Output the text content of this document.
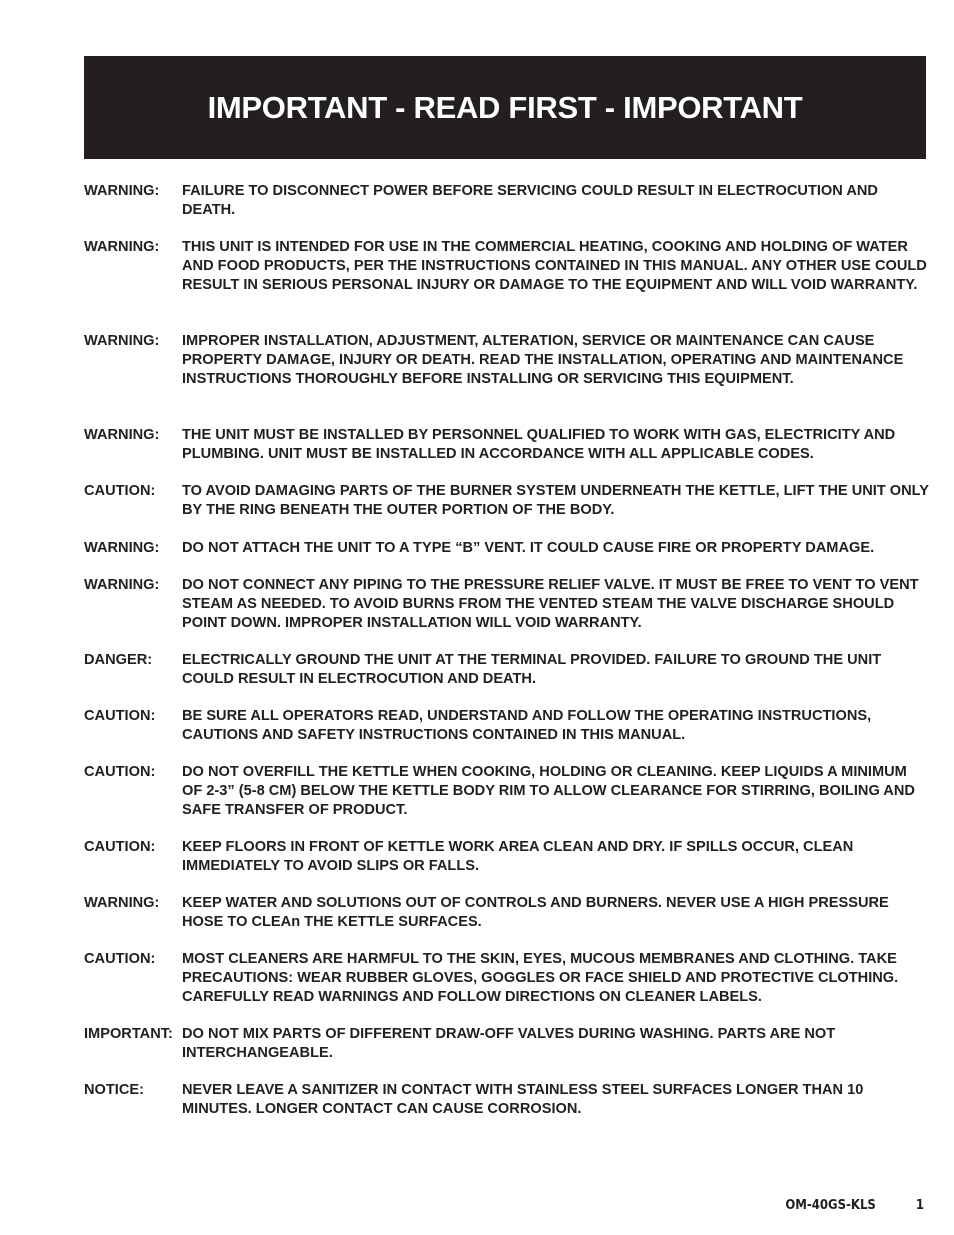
IMPORTANT - READ FIRST - IMPORTANT
WARNING:	FAILURE TO DISCONNECT POWER BEFORE SERVICING COULD RESULT IN ELECTROCUTION AND DEATH.
WARNING:	THIS UNIT IS INTENDED FOR USE IN THE COMMERCIAL HEATING, COOKING AND HOLDING OF WATER AND FOOD PRODUCTS, PER THE INSTRUCTIONS CONTAINED IN THIS MANUAL. ANY OTHER USE COULD RESULT IN SERIOUS PERSONAL INJURY OR DAMAGE TO THE EQUIPMENT AND WILL VOID WARRANTY.
WARNING:	IMPROPER INSTALLATION, ADJUSTMENT, ALTERATION, SERVICE OR MAINTENANCE CAN CAUSE PROPERTY DAMAGE, INJURY OR DEATH. READ THE INSTALLATION, OPERATING AND MAINTENANCE INSTRUCTIONS THOROUGHLY BEFORE INSTALLING OR SERVICING THIS EQUIPMENT.
WARNING:	THE UNIT MUST BE INSTALLED BY PERSONNEL QUALIFIED TO WORK WITH GAS, ELECTRICITY AND PLUMBING. UNIT MUST BE INSTALLED IN ACCORDANCE WITH ALL APPLICABLE CODES.
CAUTION:	TO AVOID DAMAGING PARTS OF THE BURNER SYSTEM UNDERNEATH THE KETTLE, LIFT THE UNIT ONLY BY THE RING BENEATH THE OUTER PORTION OF THE BODY.
WARNING:	DO NOT ATTACH THE UNIT TO A TYPE “B” VENT. IT COULD CAUSE FIRE OR PROPERTY DAMAGE.
WARNING:	DO NOT CONNECT ANY PIPING TO THE PRESSURE RELIEF VALVE. IT MUST BE FREE TO VENT TO VENT STEAM AS NEEDED. TO AVOID BURNS FROM THE VENTED STEAM THE VALVE DISCHARGE SHOULD POINT DOWN. IMPROPER INSTALLATION WILL VOID WARRANTY.
DANGER:	ELECTRICALLY GROUND THE UNIT AT THE TERMINAL PROVIDED. FAILURE TO GROUND THE UNIT COULD RESULT IN ELECTROCUTION AND DEATH.
CAUTION:	BE SURE ALL OPERATORS READ, UNDERSTAND AND FOLLOW THE OPERATING INSTRUCTIONS, CAUTIONS AND SAFETY INSTRUCTIONS CONTAINED IN THIS MANUAL.
CAUTION:	DO NOT OVERFILL THE KETTLE WHEN COOKING, HOLDING OR CLEANING. KEEP LIQUIDS A MINIMUM OF 2-3” (5-8 CM) BELOW THE KETTLE BODY RIM TO ALLOW CLEARANCE FOR STIRRING, BOILING AND SAFE TRANSFER OF PRODUCT.
CAUTION:	KEEP FLOORS IN FRONT OF KETTLE WORK AREA CLEAN AND DRY. IF SPILLS OCCUR, CLEAN IMMEDIATELY TO AVOID SLIPS OR FALLS.
WARNING:	KEEP WATER AND SOLUTIONS OUT OF CONTROLS AND BURNERS. NEVER USE A HIGH PRESSURE HOSE TO CLEAn THE KETTLE SURFACES.
CAUTION:	MOST CLEANERS ARE HARMFUL TO THE SKIN, EYES, MUCOUS MEMBRANES AND CLOTHING. TAKE PRECAUTIONS: WEAR RUBBER GLOVES, GOGGLES OR FACE SHIELD AND PROTECTIVE CLOTHING. CAREFULLY READ WARNINGS AND FOLLOW DIRECTIONS ON CLEANER LABELS.
IMPORTANT: DO NOT MIX PARTS OF DIFFERENT DRAW-OFF VALVES DURING WASHING. PARTS ARE NOT INTERCHANGEABLE.
NOTICE:	NEVER LEAVE A SANITIZER IN CONTACT WITH STAINLESS STEEL SURFACES LONGER THAN 10 MINUTES. LONGER CONTACT CAN CAUSE CORROSION.
OM-40GS-KLS	1
